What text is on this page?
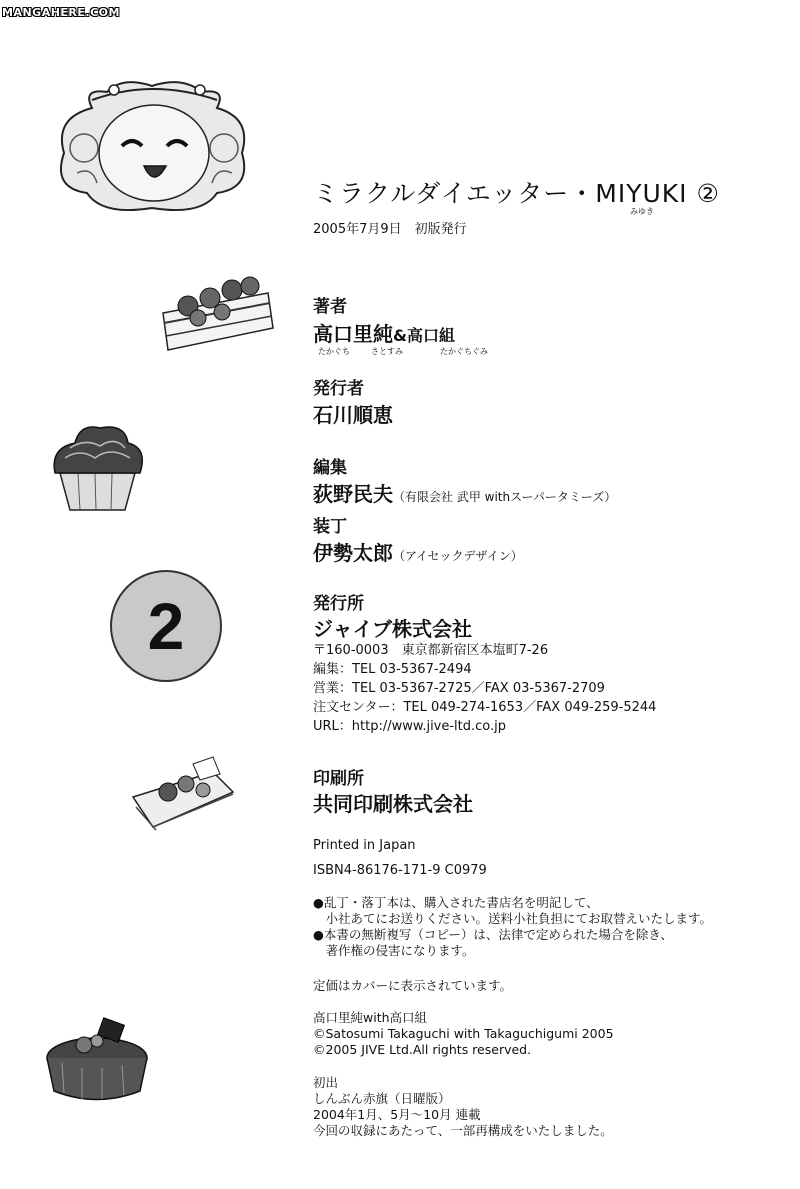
MANGAHERE.COM
ミラクルダイエッター・MIYUKI ②
みゆき
2005年7月9日　初版発行
著者
高口里純&高口組
たかぐち	さとすみ	たかぐちぐみ
発行者
石川順恵
編集
荻野民夫（有限会社 武甲 withスーパータミーズ）
装丁
伊勢太郎（アイセックデザイン）
2	発行所
ジャイブ株式会社
〒160-0003　東京都新宿区本塩町7-26
編集：TEL 03-5367-2494
営業：TEL 03-5367-2725／FAX 03-5367-2709
注文センター：TEL 049-274-1653／FAX 049-259-5244
URL：http://www.jive-ltd.co.jp
印刷所
共同印刷株式会社
Printed in Japan
ISBN4-86176-171-9 C0979
●乱丁・落丁本は、購入された書店名を明記して、
　小社あてにお送りください。送料小社負担にてお取替えいたします。
●本書の無断複写（コピー）は、法律で定められた場合を除き、
　著作権の侵害になります。
定価はカバーに表示されています。
高口里純with高口組
©Satosumi Takaguchi with Takaguchigumi 2005
©2005 JIVE Ltd.All rights reserved.
初出
しんぶん赤旗（日曜版）
2004年1月、5月～10月 連載
今回の収録にあたって、一部再構成をいたしました。
